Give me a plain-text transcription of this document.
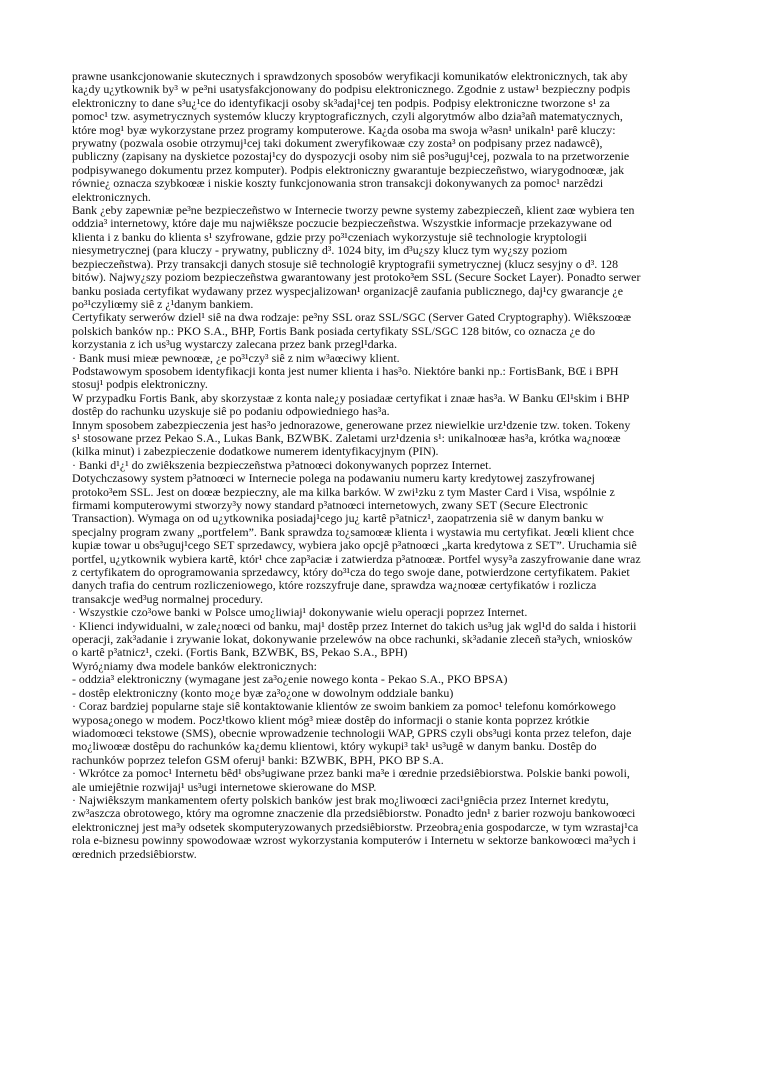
prawne usankcjonowanie skutecznych i sprawdzonych sposobów weryfikacji komunikatów elektronicznych, tak aby
ka¿dy u¿ytkownik by³ w pe³ni usatysfakcjonowany do podpisu elektronicznego. Zgodnie z ustaw¹ bezpieczny podpis
elektroniczny to dane s³u¿¹ce do identyfikacji osoby sk³adaj¹cej ten podpis. Podpisy elektroniczne tworzone s¹ za
pomoc¹ tzw. asymetrycznych systemów kluczy kryptograficznych, czyli algorytmów albo dzia³añ matematycznych,
które mog¹ byæ wykorzystane przez programy komputerowe. Ka¿da osoba ma swoja w³asn¹ unikaln¹ parê kluczy:
prywatny (pozwala osobie otrzymuj¹cej taki dokument zweryfikowaæ czy zosta³ on podpisany przez nadawcê),
publiczny (zapisany na dyskietce pozostaj¹cy do dyspozycji osoby nim siê pos³uguj¹cej, pozwala to na przetworzenie
podpisywanego dokumentu przez komputer). Podpis elektroniczny gwarantuje bezpieczeñstwo, wiarygodnoœæ, jak
równie¿ oznacza szybkoœæ i niskie koszty funkcjonowania stron transakcji dokonywanych za pomoc¹ narzêdzi
elektronicznych.

Bank ¿eby zapewniæ pe³ne bezpieczeñstwo w Internecie tworzy pewne systemy zabezpieczeñ, klient zaœ wybiera ten
oddzia³ internetowy, które daje mu najwiêksze poczucie bezpieczeñstwa. Wszystkie informacje przekazywane od
klienta i z banku do klienta s¹ szyfrowane, gdzie przy po³¹czeniach wykorzystuje siê technologie kryptologii
niesymetrycznej (para kluczy - prywatny, publiczny d³. 1024 bity, im d³u¿szy klucz tym wy¿szy poziom
bezpieczeñstwa). Przy transakcji danych stosuje siê technologiê kryptografii symetrycznej (klucz sesyjny o d³. 128
bitów). Najwy¿szy poziom bezpieczeñstwa gwarantowany jest protoko³em SSL (Secure Socket Layer). Ponadto serwer
banku posiada certyfikat wydawany przez wyspecjalizowan¹ organizacjê zaufania publicznego, daj¹cy gwarancje ¿e
po³¹czyliœmy siê z ¿¹danym bankiem.

Certyfikaty serwerów dziel¹ siê na dwa rodzaje: pe³ny SSL oraz SSL/SGC (Server Gated Cryptography). Wiêkszoœæ
polskich banków np.: PKO S.A., BHP, Fortis Bank posiada certyfikaty SSL/SGC 128 bitów, co oznacza ¿e do
korzystania z ich us³ug wystarczy zalecana przez bank przegl¹darka.

· Bank musi mieæ pewnoœæ, ¿e po³¹czy³ siê z nim w³aœciwy klient.

Podstawowym sposobem identyfikacji konta jest numer klienta i has³o. Niektóre banki np.: FortisBank, BŒ i BPH
stosuj¹ podpis elektroniczny.

W przypadku Fortis Bank, aby skorzystaæ z konta nale¿y posiadaæ certyfikat i znaæ has³a. W Banku Œl¹skim i BHP
dostêp do rachunku uzyskuje siê po podaniu odpowiedniego has³a.

Innym sposobem zabezpieczenia jest has³o jednorazowe, generowane przez niewielkie urz¹dzenie tzw. token. Tokeny
s¹ stosowane przez Pekao S.A., Lukas Bank, BZWBK. Zaletami urz¹dzenia s¹: unikalnoœæ has³a, krótka wa¿noœæ
(kilka minut) i zabezpieczenie dodatkowe numerem identyfikacyjnym (PIN).

· Banki d¹¿¹ do zwiêkszenia bezpieczeñstwa p³atnoœci dokonywanych poprzez Internet.

Dotychczasowy system p³atnoœci w Internecie polega na podawaniu numeru karty kredytowej zaszyfrowanej
protoko³em SSL. Jest on doœæ bezpieczny, ale ma kilka barków. W zwi¹zku z tym Master Card i Visa, wspólnie z
firmami komputerowymi stworzy³y nowy standard p³atnoœci internetowych, zwany SET (Secure Electronic
Transaction). Wymaga on od u¿ytkownika posiadaj¹cego ju¿ kartê p³atnicz¹, zaopatrzenia siê w danym banku w
specjalny program zwany „portfelem”. Bank sprawdza to¿samoœæ klienta i wystawia mu certyfikat. Jeœli klient chce
kupiæ towar u obs³uguj¹cego SET sprzedawcy, wybiera jako opcjê p³atnoœci „karta kredytowa z SET”. Uruchamia siê
portfel, u¿ytkownik wybiera kartê, któr¹ chce zap³aciæ i zatwierdza p³atnoœæ. Portfel wysy³a zaszyfrowanie dane wraz
z certyfikatem do oprogramowania sprzedawcy, który do³¹cza do tego swoje dane, potwierdzone certyfikatem. Pakiet
danych trafia do centrum rozliczeniowego, które rozszyfruje dane, sprawdza wa¿noœæ certyfikatów i rozlicza
transakcje wed³ug normalnej procedury.

· Wszystkie czo³owe banki w Polsce umo¿liwiaj¹ dokonywanie wielu operacji poprzez Internet.

· Klienci indywidualni, w zale¿noœci od banku, maj¹ dostêp przez Internet do takich us³ug jak wgl¹d do salda i historii
operacji, zak³adanie i zrywanie lokat, dokonywanie przelewów na obce rachunki, sk³adanie zleceñ sta³ych, wniosków
o kartê p³atnicz¹, czeki. (Fortis Bank, BZWBK, BS, Pekao S.A., BPH)

Wyró¿niamy dwa modele banków elektronicznych:

- oddzia³ elektroniczny (wymagane jest za³o¿enie nowego konta - Pekao S.A., PKO BPSA)

- dostêp elektroniczny (konto mo¿e byæ za³o¿one w dowolnym oddziale banku)

· Coraz bardziej popularne staje siê kontaktowanie klientów ze swoim bankiem za pomoc¹ telefonu komórkowego
wyposa¿onego w modem. Pocz¹tkowo klient móg³ mieæ dostêp do informacji o stanie konta poprzez krótkie
wiadomoœci tekstowe (SMS), obecnie wprowadzenie technologii WAP, GPRS czyli obs³ugi konta przez telefon, daje
mo¿liwoœæ dostêpu do rachunków ka¿demu klientowi, który wykupi³ tak¹ us³ugê w danym banku. Dostêp do
rachunków poprzez telefon GSM oferuj¹ banki: BZWBK, BPH, PKO BP S.A.

· Wkrótce za pomoc¹ Internetu bêd¹ obs³ugiwane przez banki ma³e i œrednie przedsiêbiorstwa. Polskie banki powoli,
ale umiejêtnie rozwijaj¹ us³ugi internetowe skierowane do MSP.

· Najwiêkszym mankamentem oferty polskich banków jest brak mo¿liwoœci zaci¹gniêcia przez Internet kredytu,
zw³aszcza obrotowego, który ma ogromne znaczenie dla przedsiêbiorstw. Ponadto jedn¹ z barier rozwoju bankowoœci
elektronicznej jest ma³y odsetek skomputeryzowanych przedsiêbiorstw. Przeobra¿enia gospodarcze, w tym wzrastaj¹ca
rola e-biznesu powinny spowodowaæ wzrost wykorzystania komputerów i Internetu w sektorze bankowoœci ma³ych i
œrednich przedsiêbiorstw.
